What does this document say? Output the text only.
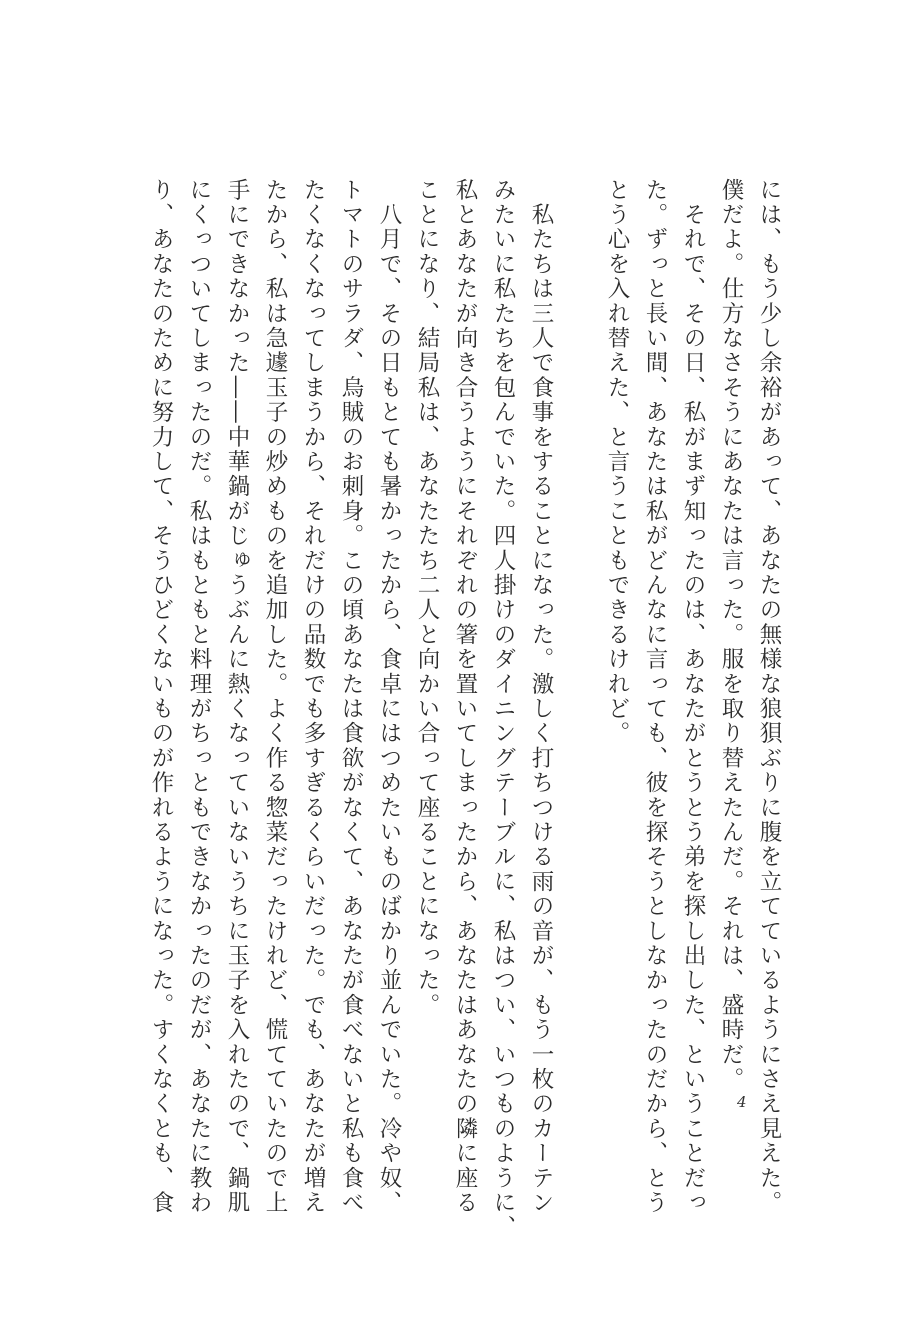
には、もう少し余裕があって、あなたの無様な狼狽ぶりに腹を立てているようにさえ見えた。
僕だよ。仕方なさそうにあなたは言った。服を取り替えたんだ。それは、盛時だ。
　それで、その日、私がまず知ったのは、あなたがとうとう弟を探し出した、ということだっ
た。ずっと長い間、あなたは私がどんなに言っても、彼を探そうとしなかったのだから、とう
とう心を入れ替えた、と言うこともできるけれど。
　私たちは三人で食事をすることになった。激しく打ちつける雨の音が、もう一枚のカーテン
みたいに私たちを包んでいた。四人掛けのダイニングテーブルに、私はつい、いつものように、
私とあなたが向き合うようにそれぞれの箸を置いてしまったから、あなたはあなたの隣に座る
ことになり、結局私は、あなたたち二人と向かい合って座ることになった。
　八月で、その日もとても暑かったから、食卓にはつめたいものばかり並んでいた。冷や奴、
トマトのサラダ、烏賊のお刺身。この頃あなたは食欲がなくて、あなたが食べないと私も食べ
たくなくなってしまうから、それだけの品数でも多すぎるくらいだった。でも、あなたが増え
たから、私は急遽玉子の炒めものを追加した。よく作る惣菜だったけれど、慌てていたので上
手にできなかった――中華鍋がじゅうぶんに熱くなっていないうちに玉子を入れたので、鍋肌
にくっついてしまったのだ。私はもともと料理がちっともできなかったのだが、あなたに教わ
り、あなたのために努力して、そうひどくないものが作れるようになった。すくなくとも、食	4
